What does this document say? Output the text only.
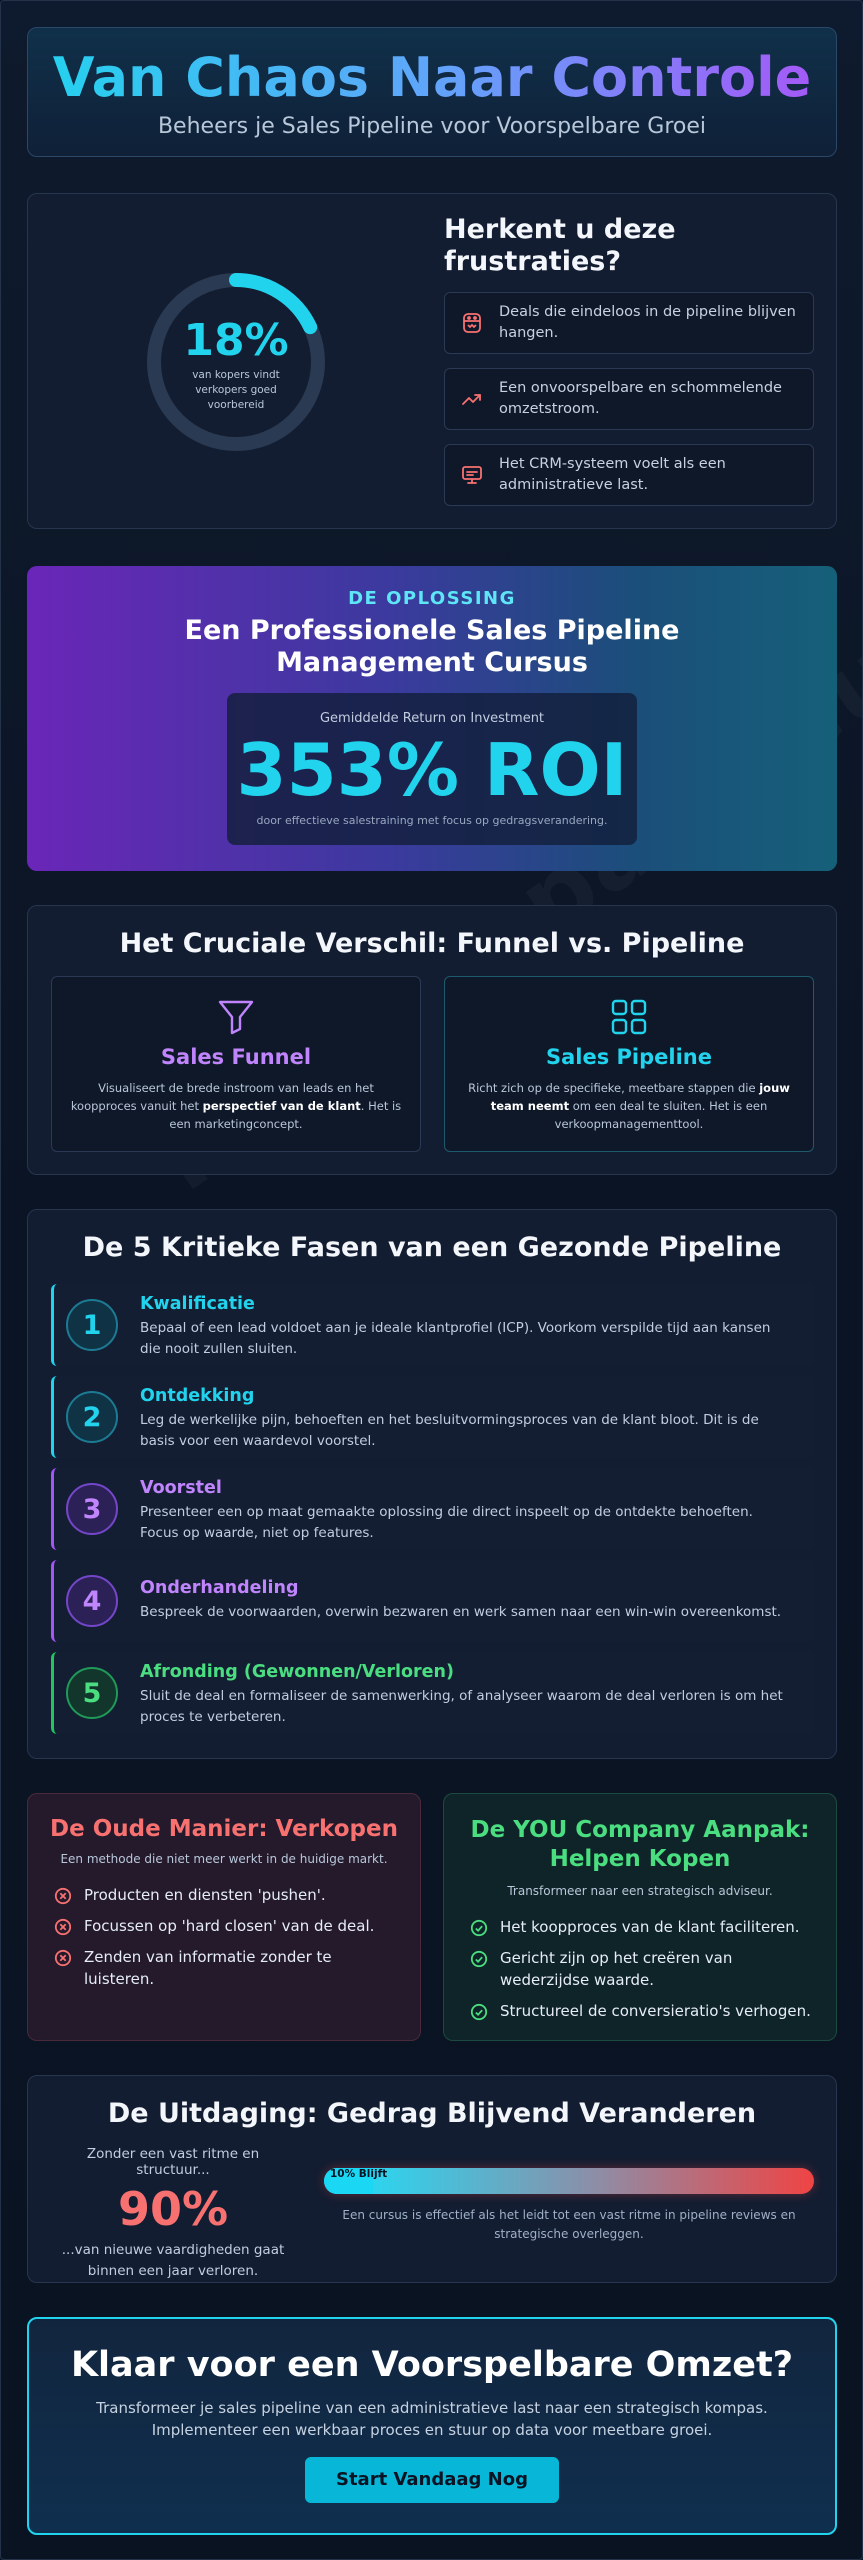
Van Chaos Naar Controle
Beheers je Sales Pipeline voor Voorspelbare Groei
18%
van kopers vindt verkopers goed voorbereid
Herkent u deze frustraties?
Deals die eindeloos in de pipeline blijven hangen.
Een onvoorspelbare en schommelende omzetstroom.
Het CRM-systeem voelt als een administratieve last.
DE OPLOSSING
Een Professionele Sales Pipeline Management Cursus
Gemiddelde Return on Investment
353% ROI
door effectieve salestraining met focus op gedragsverandering.
Het Cruciale Verschil: Funnel vs. Pipeline
Sales Funnel

Visualiseert de brede instroom van leads en het koopproces vanuit het perspectief van de klant. Het is een marketingconcept.

Sales Pipeline

Richt zich op de specifieke, meetbare stappen die jouw team neemt om een deal te sluiten. Het is een verkoopmanagementtool.

De 5 Kritieke Fasen van een Gezonde Pipeline
1
Kwalificatie
Bepaal of een lead voldoet aan je ideale klantprofiel (ICP). Voorkom verspilde tijd aan kansen die nooit zullen sluiten.
2
Ontdekking
Leg de werkelijke pijn, behoeften en het besluitvormingsproces van de klant bloot. Dit is de basis voor een waardevol voorstel.
3
Voorstel
Presenteer een op maat gemaakte oplossing die direct inspeelt op de ontdekte behoeften. Focus op waarde, niet op features.
4	Onderhandeling
Bespreek de voorwaarden, overwin bezwaren en werk samen naar een win-win overeenkomst.
5
Afronding (Gewonnen/Verloren)
Sluit de deal en formaliseer de samenwerking, of analyseer waarom de deal verloren is om het proces te verbeteren.
De Oude Manier: Verkopen
Een methode die niet meer werkt in de huidige markt.
Producten en diensten 'pushen'.
Focussen op 'hard closen' van de deal.
Zenden van informatie zonder te luisteren.
De YOU Company Aanpak: Helpen Kopen
Transformeer naar een strategisch adviseur.
Het koopproces van de klant faciliteren.
Gericht zijn op het creëren van wederzijdse waarde.
Structureel de conversieratio's verhogen.
De Uitdaging: Gedrag Blijvend Veranderen
Zonder een vast ritme en structuur...
90%
...van nieuwe vaardigheden gaat binnen een jaar verloren.
10% Blijft
Een cursus is effectief als het leidt tot een vast ritme in pipeline reviews en strategische overleggen.
Klaar voor een Voorspelbare Omzet?

Transformeer je sales pipeline van een administratieve last naar een strategisch kompas. Implementeer een werkbaar proces en stuur op data voor meetbare groei.

Start Vandaag Nog
